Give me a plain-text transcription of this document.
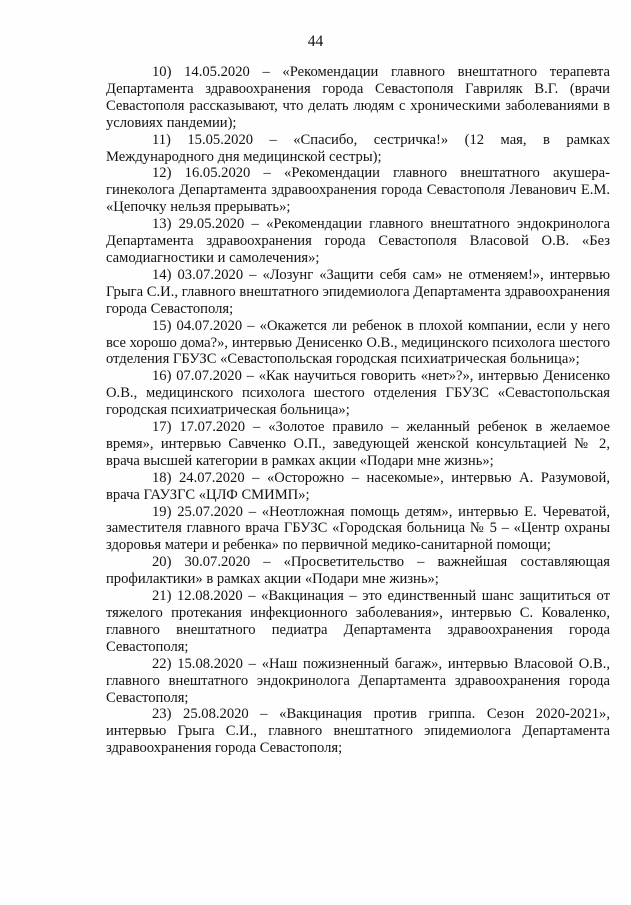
44

10) 14.05.2020 – «Рекомендации главного внештатного терапевта Департамента здравоохранения города Севастополя Гавриляк В.Г. (врачи Севастополя рассказывают, что делать людям с хроническими заболеваниями в условиях пандемии);

11) 15.05.2020 – «Спасибо, сестричка!» (12 мая, в рамках Международного дня медицинской сестры);

12) 16.05.2020 – «Рекомендации главного внештатного акушера-гинеколога Департамента здравоохранения города Севастополя Леванович Е.М. «Цепочку нельзя прерывать»;

13) 29.05.2020 – «Рекомендации главного внештатного эндокринолога Департамента здравоохранения города Севастополя Власовой О.В. «Без самодиагностики и самолечения»;

14) 03.07.2020 – «Лозунг «Защити себя сам» не отменяем!», интервью Грыга С.И., главного внештатного эпидемиолога Департамента здравоохранения города Севастополя;

15) 04.07.2020 – «Окажется ли ребенок в плохой компании, если у него все хорошо дома?», интервью Денисенко О.В., медицинского психолога шестого отделения ГБУЗС «Севастопольская городская психиатрическая больница»;

16) 07.07.2020 – «Как научиться говорить «нет»?», интервью Денисенко О.В., медицинского психолога шестого отделения ГБУЗС «Севастопольская городская психиатрическая больница»;

17) 17.07.2020 – «Золотое правило – желанный ребенок в желаемое время», интервью Савченко О.П., заведующей женской консультацией № 2, врача высшей категории в рамках акции «Подари мне жизнь»;

18) 24.07.2020 – «Осторожно – насекомые», интервью А. Разумовой, врача ГАУЗГС «ЦЛФ СМИМП»;

19) 25.07.2020 – «Неотложная помощь детям», интервью Е. Череватой, заместителя главного врача ГБУЗС «Городская больница № 5 – «Центр охраны здоровья матери и ребенка» по первичной медико-санитарной помощи;

20) 30.07.2020 – «Просветительство – важнейшая составляющая профилактики» в рамках акции «Подари мне жизнь»;

21) 12.08.2020 – «Вакцинация – это единственный шанс защититься от тяжелого протекания инфекционного заболевания», интервью С. Коваленко, главного внештатного педиатра Департамента здравоохранения города Севастополя;

22) 15.08.2020 – «Наш пожизненный багаж», интервью Власовой О.В., главного внештатного эндокринолога Департамента здравоохранения города Севастополя;

23) 25.08.2020 – «Вакцинация против гриппа. Сезон 2020-2021», интервью Грыга С.И., главного внештатного эпидемиолога Департамента здравоохранения города Севастополя;
